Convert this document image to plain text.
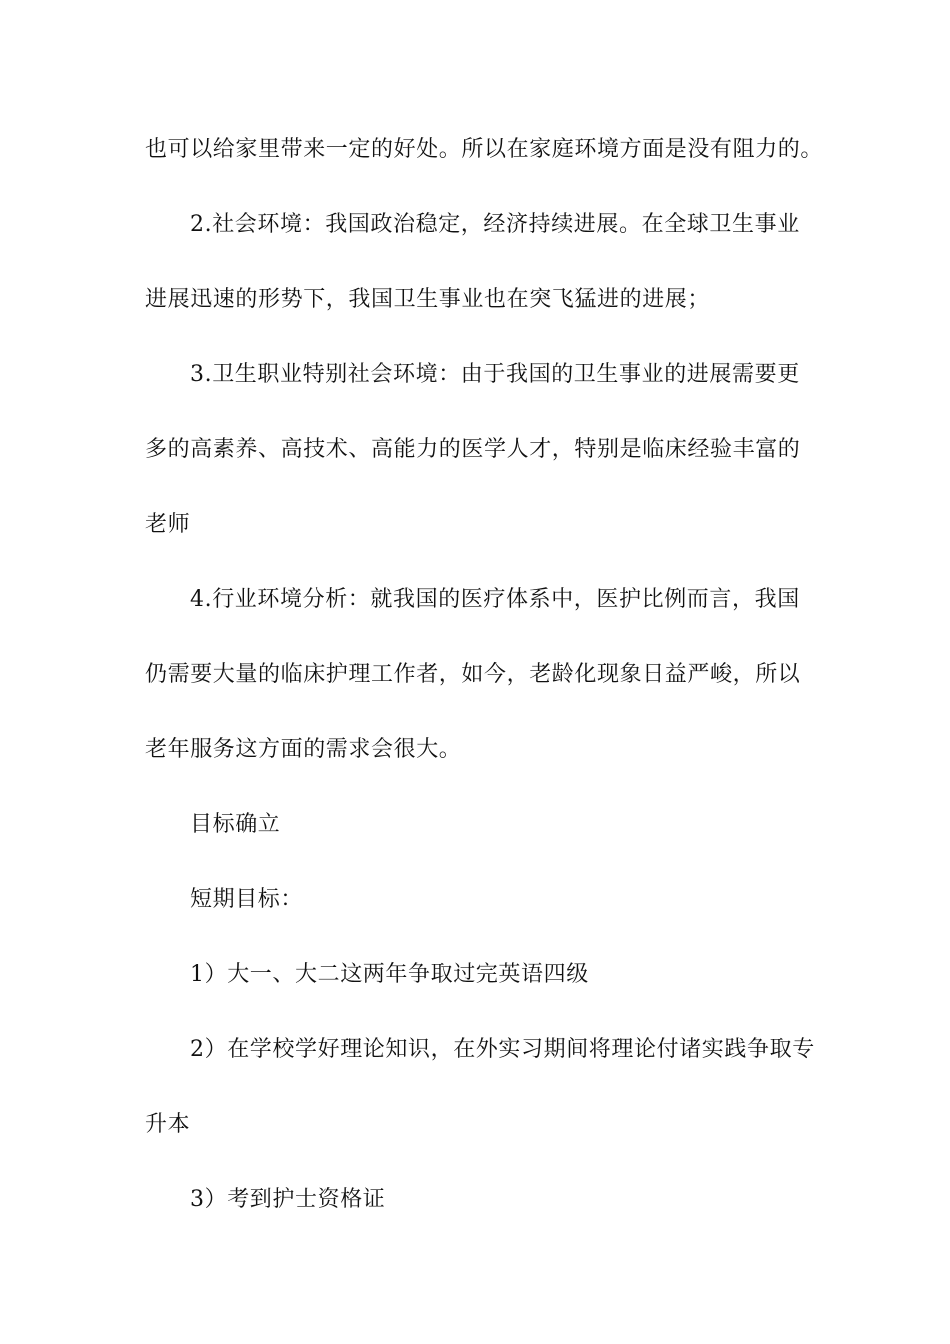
也可以给家里带来一定的好处。所以在家庭环境方面是没有阻力的。
2.社会环境：我国政治稳定，经济持续进展。在全球卫生事业
进展迅速的形势下，我国卫生事业也在突飞猛进的进展；
3.卫生职业特别社会环境：由于我国的卫生事业的进展需要更
多的高素养、高技术、高能力的医学人才，特别是临床经验丰富的
老师
4.行业环境分析：就我国的医疗体系中，医护比例而言，我国
仍需要大量的临床护理工作者，如今，老龄化现象日益严峻，所以
老年服务这方面的需求会很大。
目标确立
短期目标：
1）大一、大二这两年争取过完英语四级
2）在学校学好理论知识，在外实习期间将理论付诸实践争取专
升本
3）考到护士资格证
